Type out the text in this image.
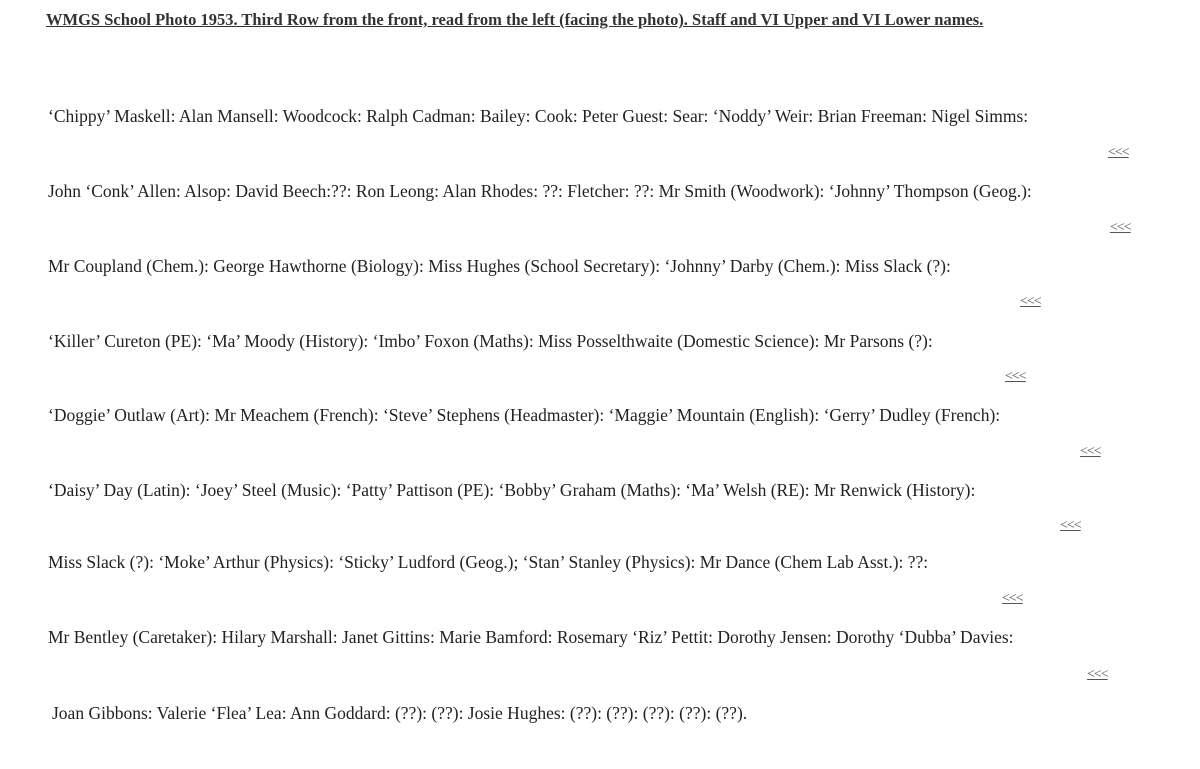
WMGS School Photo 1953. Third Row from the front, read from the left (facing the photo). Staff and VI Upper and VI Lower names.
‘Chippy’ Maskell: Alan Mansell: Woodcock: Ralph Cadman: Bailey: Cook: Peter Guest: Sear: ‘Noddy’ Weir: Brian Freeman: Nigel Simms:
<<<
John ‘Conk’ Allen: Alsop: David Beech:??: Ron Leong: Alan Rhodes: ??: Fletcher: ??: Mr Smith (Woodwork): ‘Johnny’ Thompson (Geog.):
<<<
Mr Coupland (Chem.): George Hawthorne (Biology): Miss Hughes (School Secretary): ‘Johnny’ Darby (Chem.): Miss Slack (?):
<<<
‘Killer’ Cureton (PE): ‘Ma’ Moody (History): ‘Imbo’ Foxon (Maths): Miss Posselthwaite (Domestic Science): Mr Parsons (?):
<<<
‘Doggie’ Outlaw (Art): Mr Meachem (French): ‘Steve’ Stephens (Headmaster): ‘Maggie’ Mountain (English): ‘Gerry’ Dudley (French):
<<<
‘Daisy’ Day (Latin): ‘Joey’ Steel (Music): ‘Patty’ Pattison (PE): ‘Bobby’ Graham (Maths): ‘Ma’ Welsh (RE): Mr Renwick (History):
<<<
Miss Slack (?): ‘Moke’ Arthur (Physics): ‘Sticky’ Ludford (Geog.); ‘Stan’ Stanley (Physics): Mr Dance (Chem Lab Asst.): ??:
<<<
Mr Bentley (Caretaker): Hilary Marshall: Janet Gittins: Marie Bamford: Rosemary ‘Riz’ Pettit: Dorothy Jensen: Dorothy ‘Dubba’ Davies:
<<<
Joan Gibbons: Valerie ‘Flea’ Lea: Ann Goddard: (??): (??): Josie Hughes: (??): (??): (??): (??): (??).
